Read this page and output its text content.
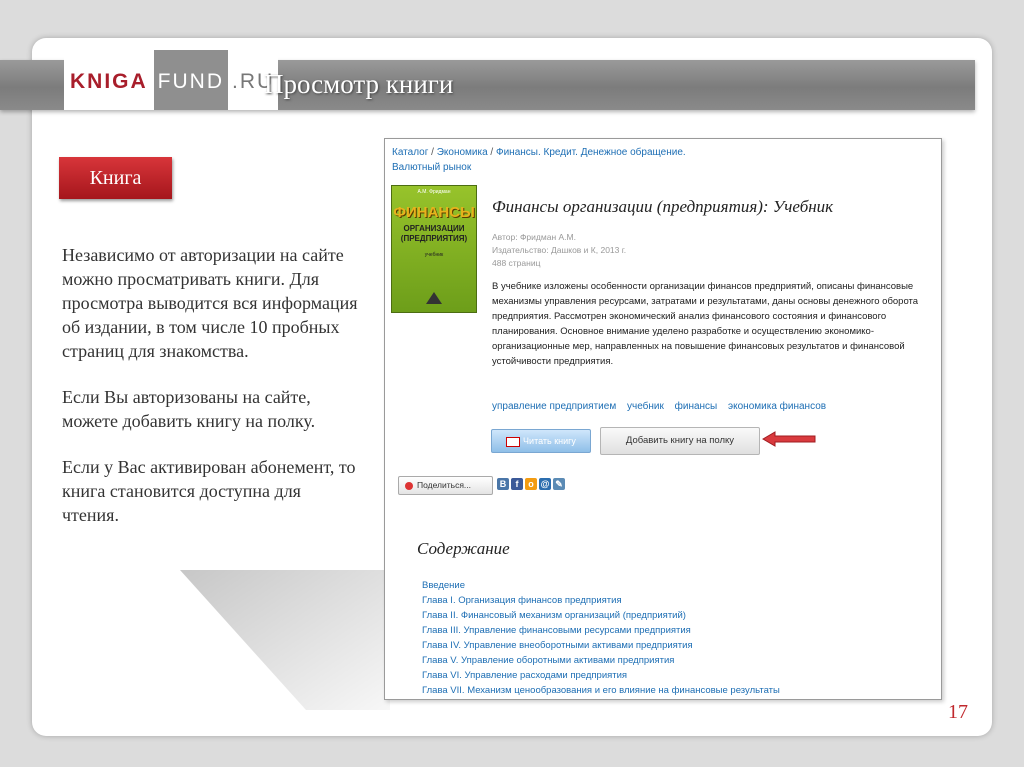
KNIGA FUND .RU
Просмотр книги
Книга

Независимо от авторизации на сайте можно просматривать книги. Для просмотра выводится вся информация об издании, в том числе 10 пробных страниц для знакомства.

Если Вы авторизованы на сайте, можете добавить книгу на полку.

Если у Вас активирован абонемент, то книга становится доступна для чтения.

Каталог / Экономика / Финансы. Кредит. Денежное обращение. Валютный рынок
А.М. Фридман
ФИНАНСЫ
ОРГАНИЗАЦИИ (ПРЕДПРИЯТИЯ)
учебник
Финансы организации (предприятия): Учебник
Автор: Фридман А.М.
Издательство: Дашков и К, 2013 г.
488 страниц
В учебнике изложены особенности организации финансов предприятий, описаны финансовые механизмы управления ресурсами, затратами и результатами, даны основы денежного оборота предприятия. Рассмотрен экономический анализ финансового состояния и финансового планирования. Основное внимание уделено разработке и осуществлению экономико-организационные мер, направленных на повышение финансовых результатов и финансовой устойчивости предприятия.
управление предприятием учебник финансы экономика финансов
Читать книгу	Добавить книгу на полку
Поделиться...	B	f	o @ ✎
Содержание
Введение
Глава I. Организация финансов предприятия
Глава II. Финансовый механизм организаций (предприятий)
Глава III. Управление финансовыми ресурсами предприятия
Глава IV. Управление внеоборотными активами предприятия
Глава V. Управление оборотными активами предприятия
Глава VI. Управление расходами предприятия
Глава VII. Механизм ценообразования и его влияние на финансовые результаты
17
